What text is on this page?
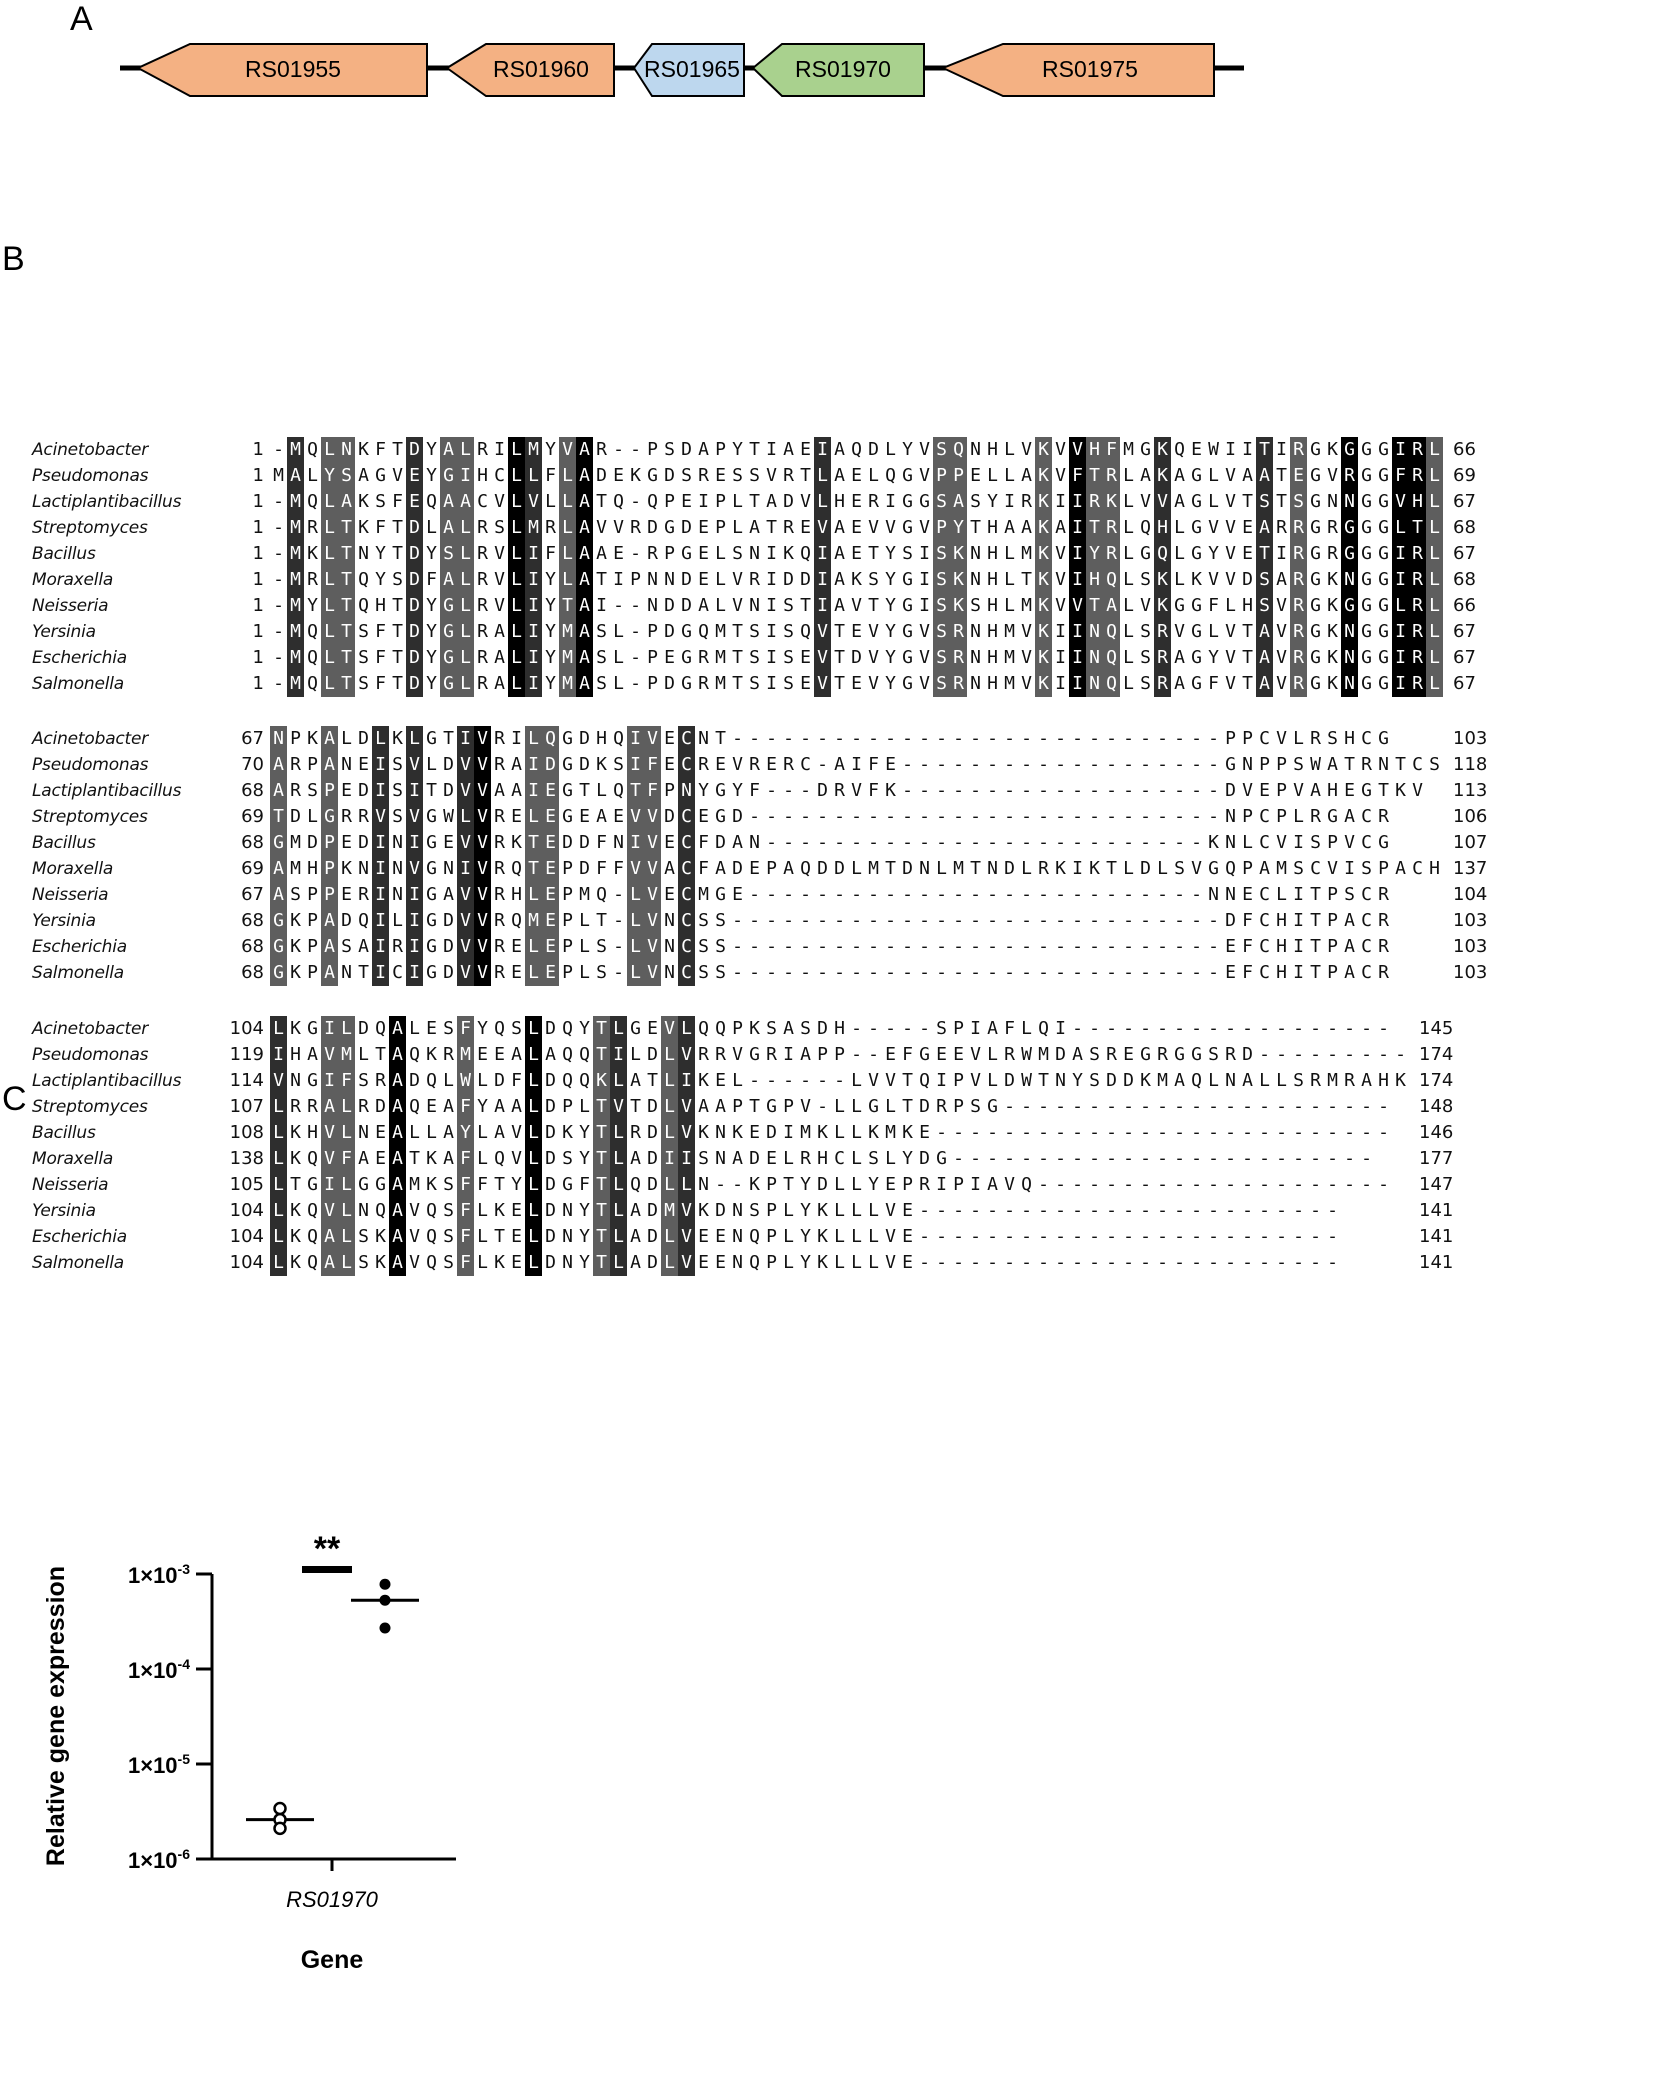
A
RS01955	RS01960 RS01965 RS01970	RS01975
B
Acinetobacter	1 - M Q L N K F T D Y A L R I L M Y V A R - - P S D A P Y T I A E I A Q D L Y V S Q N H L V K V V H F M G K Q E W I I T I R G K G G G I R L 66
Pseudomonas	1 M A L Y S A G V E Y G I H C L L F L A D E K G D S R E S S V R T L A E L Q G V P P E L L A K V F T R L A K A G L V A A T E G V R G G F R L 69
Lactiplantibacillus	1 - M Q L A K S F E Q A A C V L V L L A T Q - Q P E I P L T A D V L H E R I G G S A S Y I R K I I R K L V V A G L V T S T S G N N G G V H L 67
Streptomyces	1 - M R L T K F T D L A L R S L M R L A V V R D G D E P L A T R E V A E V V G V P Y T H A A K A I T R L Q H L G V V E A R R G R G G G L T L 68
Bacillus	1 - M K L T N Y T D Y S L R V L I F L A A E - R P G E L S N I K Q I A E T Y S I S K N H L M K V I Y R L G Q L G Y V E T I R G R G G G I R L 67
Moraxella	1 - M R L T Q Y S D F A L R V L I Y L A T I P N N D E L V R I D D I A K S Y G I S K N H L T K V I H Q L S K L K V V D S A R G K N G G I R L 68
Neisseria	1 - M Y L T Q H T D Y G L R V L I Y T A I - - N D D A L V N I S T I A V T Y G I S K S H L M K V V T A L V K G G F L H S V R G K G G G L R L 66
Yersinia	1 - M Q L T S F T D Y G L R A L I Y M A S L - P D G Q M T S I S Q V T E V Y G V S R N H M V K I I N Q L S R V G L V T A V R G K N G G I R L 67
Escherichia	1 - M Q L T S F T D Y G L R A L I Y M A S L - P E G R M T S I S E V T D V Y G V S R N H M V K I I N Q L S R A G Y V T A V R G K N G G I R L 67
Salmonella	1 - M Q L T S F T D Y G L R A L I Y M A S L - P D G R M T S I S E V T E V Y G V S R N H M V K I I N Q L S R A G F V T A V R G K N G G I R L 67
Acinetobacter	67 N P K A L D L K L G T I V R I L Q G D H Q I V E C N T - - - - - - - - - - - - - - - - - - - - - - - - - - - - - P P C V L R S H C G	103
Pseudomonas	70 A R P A N E I S V L D V V R A I D G D K S I F E C R E V R E R C - A I F E - - - - - - - - - - - - - - - - - - - G N P P S W A T R N T C S 118
Lactiplantibacillus	68 A R S P E D I S I T D V V A A I E G T L Q T F P N Y G Y F - - - D R V F K - - - - - - - - - - - - - - - - - - - D V E P V A H E G T K V 113
Streptomyces	69 T D L G R R V S V G W L V R E L E G E A E V V D C E G D - - - - - - - - - - - - - - - - - - - - - - - - - - - - N P C P L R G A C R	106
Bacillus	68 G M D P E D I N I G E V V R K T E D D F N I V E C F D A N - - - - - - - - - - - - - - - - - - - - - - - - - - K N L C V I S P V C G	107
Moraxella	69 A M H P K N I N V G N I V R Q T E P D F F V V A C F A D E P A Q D D L M T D N L M T N D L R K I K T L D L S V G Q P A M S C V I S P A C H 137
Neisseria	67 A S P P E R I N I G A V V R H L E P M Q - L V E C M G E - - - - - - - - - - - - - - - - - - - - - - - - - - - N N E C L I T P S C R	104
Yersinia	68 G K P A D Q I L I G D V V R Q M E P L T - L V N C S S - - - - - - - - - - - - - - - - - - - - - - - - - - - - - D F C H I T P A C R	103
Escherichia	68 G K P A S A I R I G D V V R E L E P L S - L V N C S S - - - - - - - - - - - - - - - - - - - - - - - - - - - - - E F C H I T P A C R	103
Salmonella	68 G K P A N T I C I G D V V R E L E P L S - L V N C S S - - - - - - - - - - - - - - - - - - - - - - - - - - - - - E F C H I T P A C R	103
Acinetobacter	104 L K G I L D Q A L E S F Y Q S L D Q Y T L G E V L Q Q P K S A S D H - - - - - S P I A F L Q I - - - - - - - - - - - - - - - - - - - 145
Pseudomonas	119 I H A V M L T A Q K R M E E A L A Q Q T I L D L V R R V G R I A P P - - E F G E E V L R W M D A S R E G R G G S R D - - - - - - - - - 174
Lactiplantibacillus	114 V N G I F S R A D Q L W L D F L D Q Q K L A T L I K E L - - - - - - L V V T Q I P V L D W T N Y S D D K M A Q L N A L L S R M R A H K 174
Streptomyces	107 L R R A L R D A Q E A F Y A A L D P L T V T D L V A A P T G P V - L L G L T D R P S G - - - - - - - - - - - - - - - - - - - - - - - 148
Bacillus	108 L K H V L N E A L L A Y L A V L D K Y T L R D L V K N K E D I M K L L K M K E - - - - - - - - - - - - - - - - - - - - - - - - - - - 146
Moraxella	138 L K Q V F A E A T K A F L Q V L D S Y T L A D I I S N A D E L R H C L S L Y D G - - - - - - - - - - - - - - - - - - - - - - - - -	177
Neisseria	105 L T G I L G G A M K S F F T Y L D G F T L Q D L L N - - K P T Y D L L Y E P R I P I A V Q - - - - - - - - - - - - - - - - - - - - - 147
Yersinia	104 L K Q V L N Q A V Q S F L K E L D N Y T L A D M V K D N S P L Y K L L L V E - - - - - - - - - - - - - - - - - - - - - - - - -	141
Escherichia	104 L K Q A L S K A V Q S F L T E L D N Y T L A D L V E E N Q P L Y K L L L V E - - - - - - - - - - - - - - - - - - - - - - - - -	141
Salmonella	104 L K Q A L S K A V Q S F L K E L D N Y T L A D L V E E N Q P L Y K L L L V E - - - - - - - - - - - - - - - - - - - - - - - - -	141
C
$1\times 10^{-3}$
$1\times 10^{-4}$
$1\times 10^{-5}$
$1\times 10^{-6}$
Relative gene expression
RS01970
Gene
**
